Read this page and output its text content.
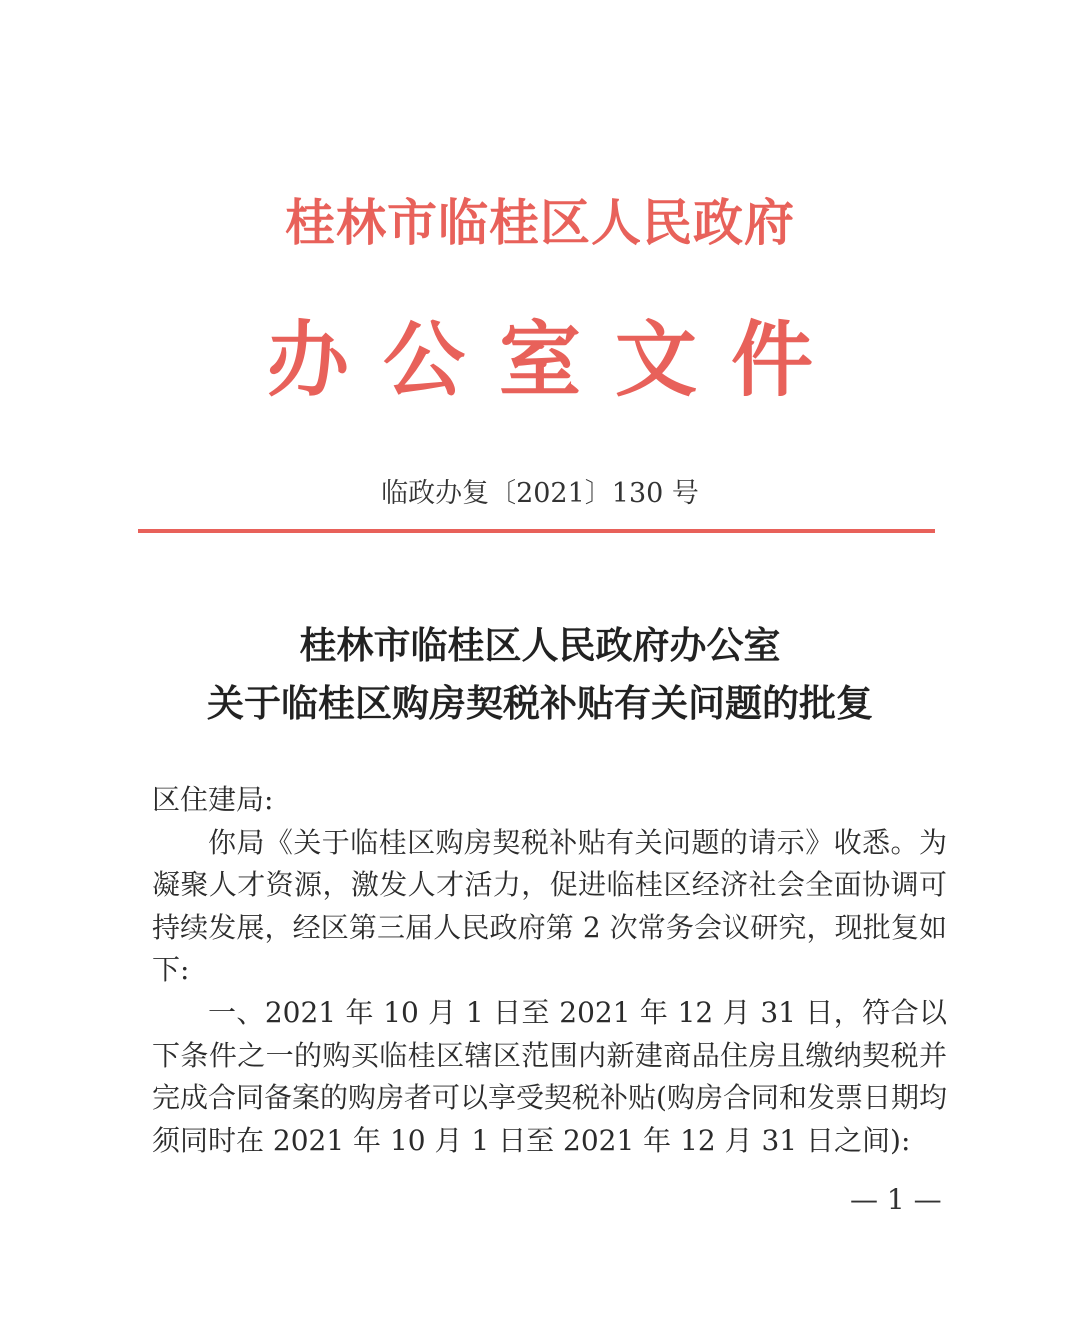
桂林市临桂区人民政府
办公室文件
临政办复〔2021〕130 号
桂林市临桂区人民政府办公室
关于临桂区购房契税补贴有关问题的批复

区住建局:

你局《关于临桂区购房契税补贴有关问题的请示》收悉。为凝聚人才资源，激发人才活力，促进临桂区经济社会全面协调可持续发展，经区第三届人民政府第 2 次常务会议研究，现批复如下:

一、2021 年 10 月 1 日至 2021 年 12 月 31 日，符合以下条件之一的购买临桂区辖区范围内新建商品住房且缴纳契税并完成合同备案的购房者可以享受契税补贴(购房合同和发票日期均须同时在 2021 年 10 月 1 日至 2021 年 12 月 31 日之间):

— 1 —
